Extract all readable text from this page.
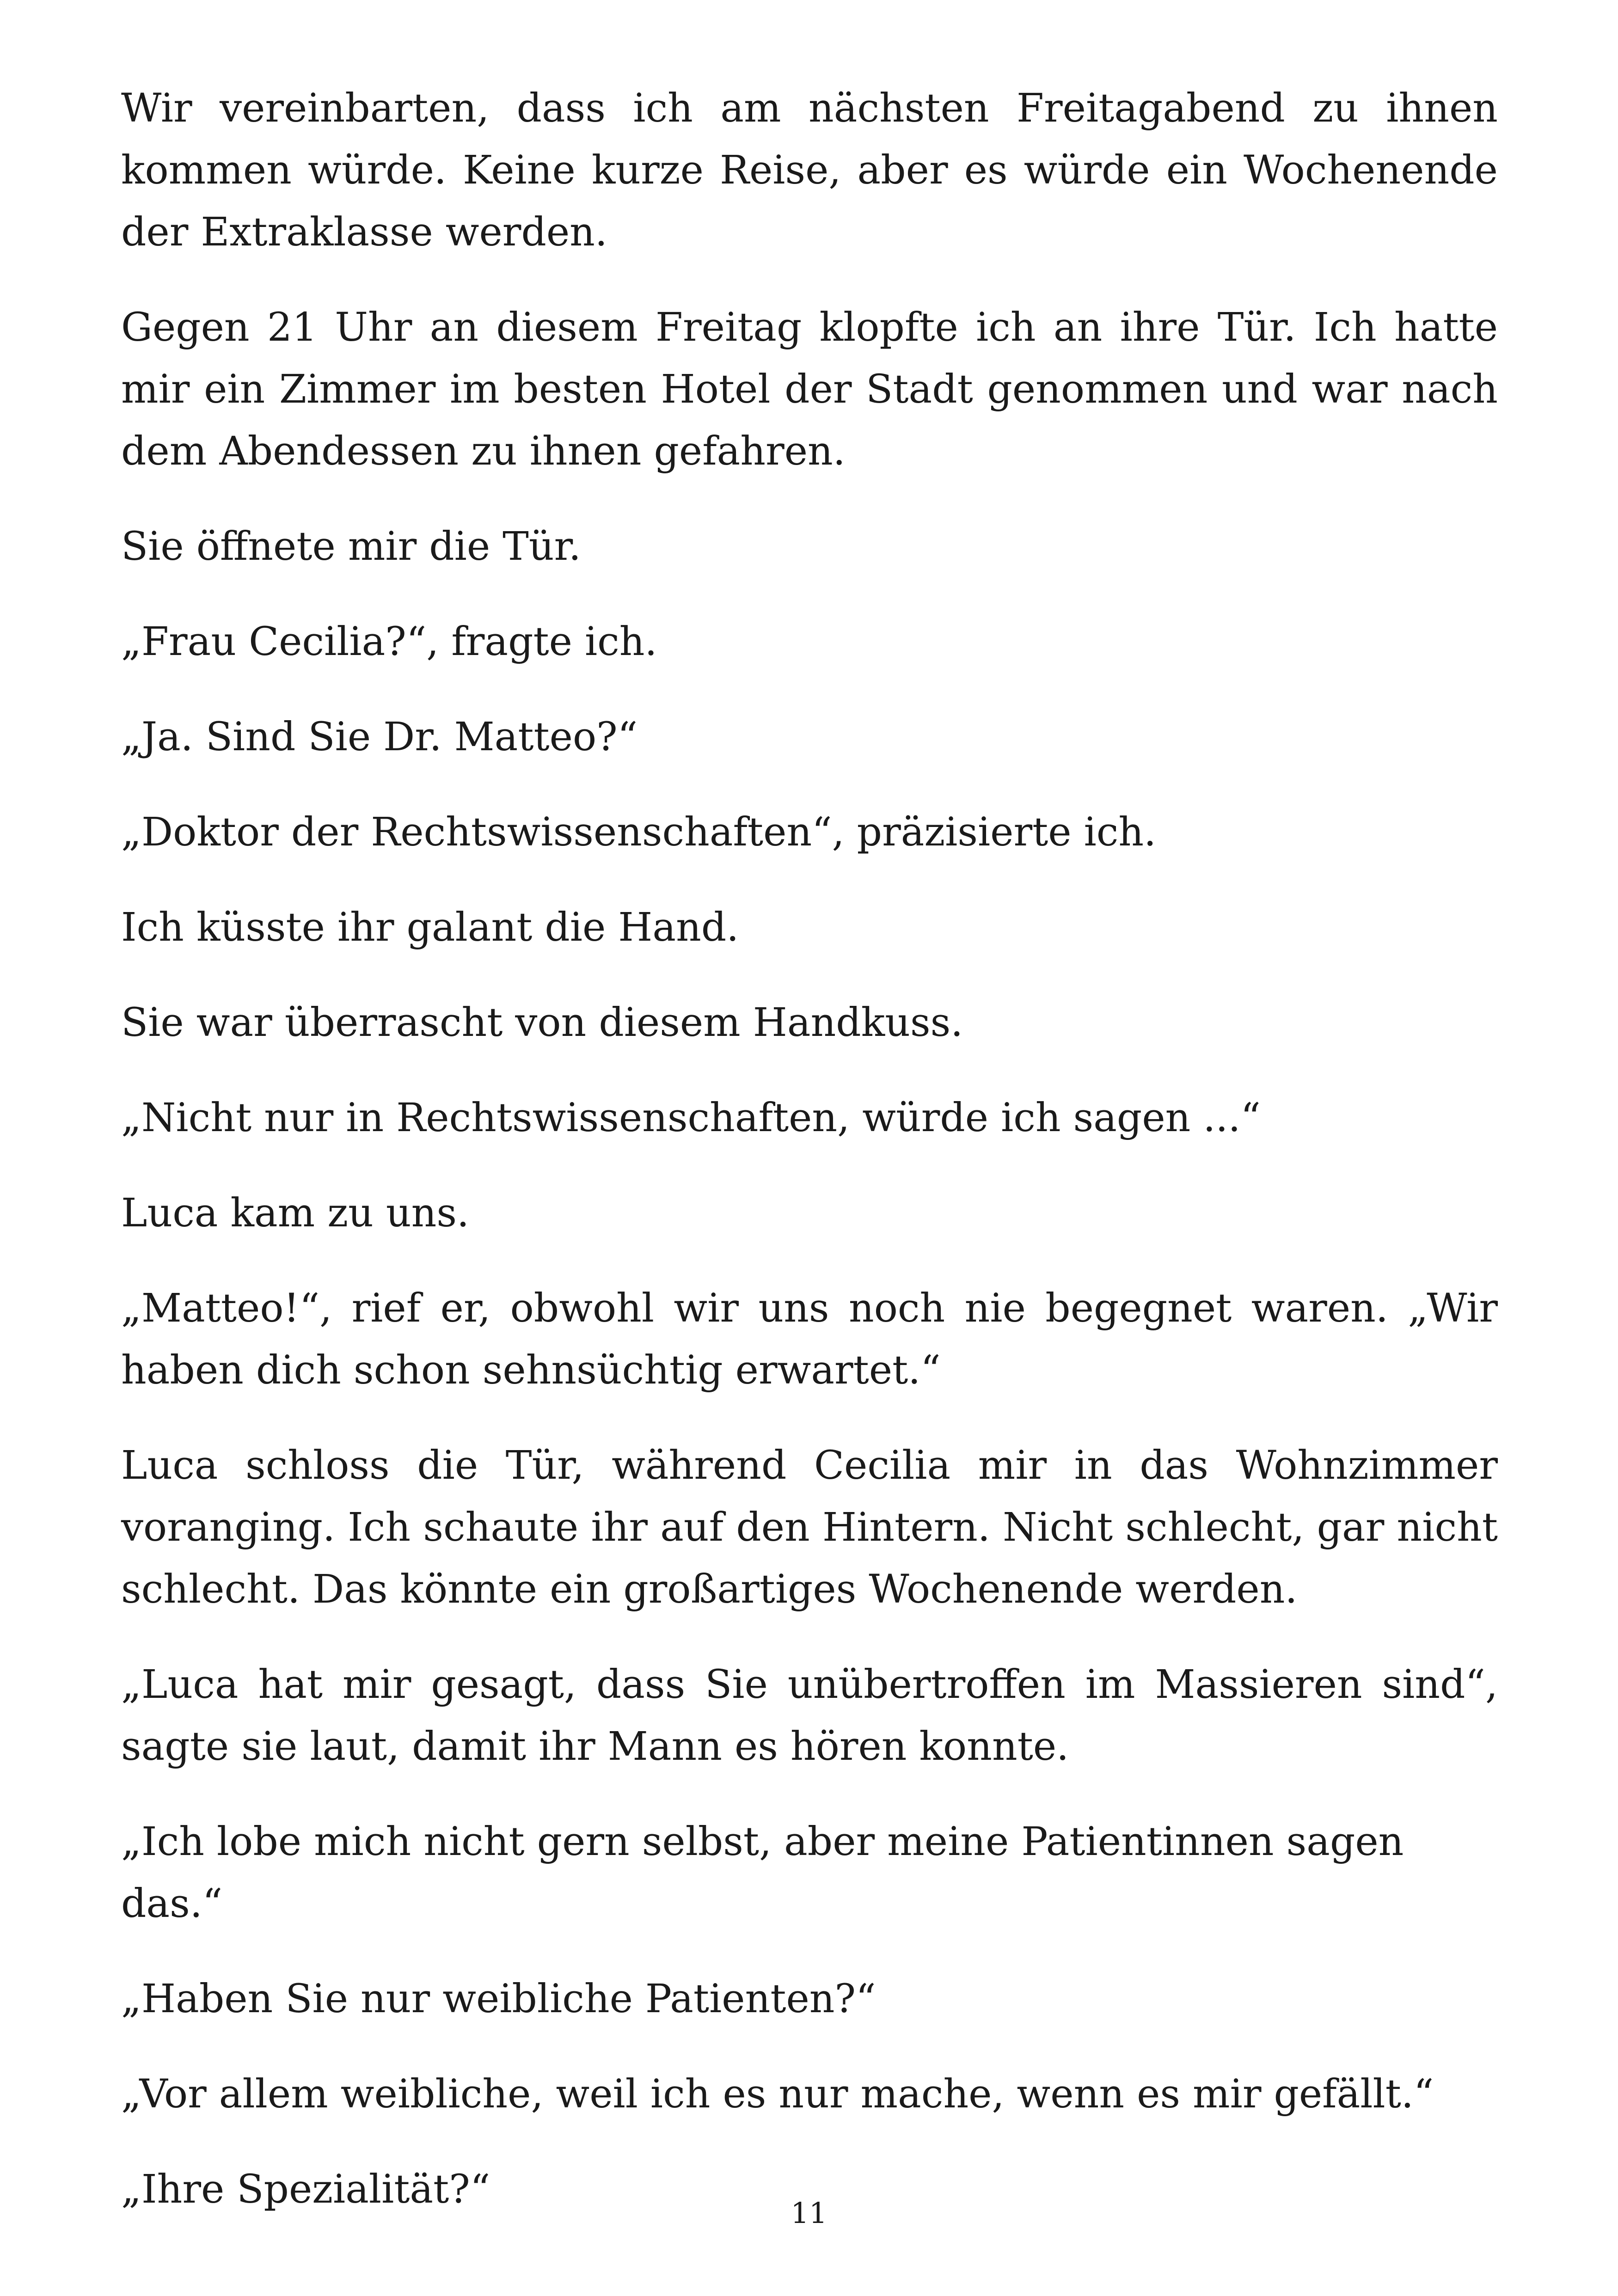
Wir vereinbarten, dass ich am nächsten Freitagabend zu ihnen kommen würde. Keine kurze Reise, aber es würde ein Wochenende der Extraklasse werden.

Gegen 21 Uhr an diesem Freitag klopfte ich an ihre Tür. Ich hatte mir ein Zimmer im besten Hotel der Stadt genommen und war nach dem Abendessen zu ihnen gefahren.

Sie öffnete mir die Tür.

„Frau Cecilia?“, fragte ich.

„Ja. Sind Sie Dr. Matteo?“

„Doktor der Rechtswissenschaften“, präzisierte ich.

Ich küsste ihr galant die Hand.

Sie war überrascht von diesem Handkuss.

„Nicht nur in Rechtswissenschaften, würde ich sagen ...“

Luca kam zu uns.

„Matteo!“, rief er, obwohl wir uns noch nie begegnet waren. „Wir haben dich schon sehnsüchtig erwartet.“

Luca schloss die Tür, während Cecilia mir in das Wohnzimmer voranging. Ich schaute ihr auf den Hintern. Nicht schlecht, gar nicht schlecht. Das könnte ein großartiges Wochenende werden.

„Luca hat mir gesagt, dass Sie unübertroffen im Massieren sind“, sagte sie laut, damit ihr Mann es hören konnte.

„Ich lobe mich nicht gern selbst, aber meine Patientinnen sagen das.“

„Haben Sie nur weibliche Patienten?“

„Vor allem weibliche, weil ich es nur mache, wenn es mir gefällt.“

„Ihre Spezialität?“

11
